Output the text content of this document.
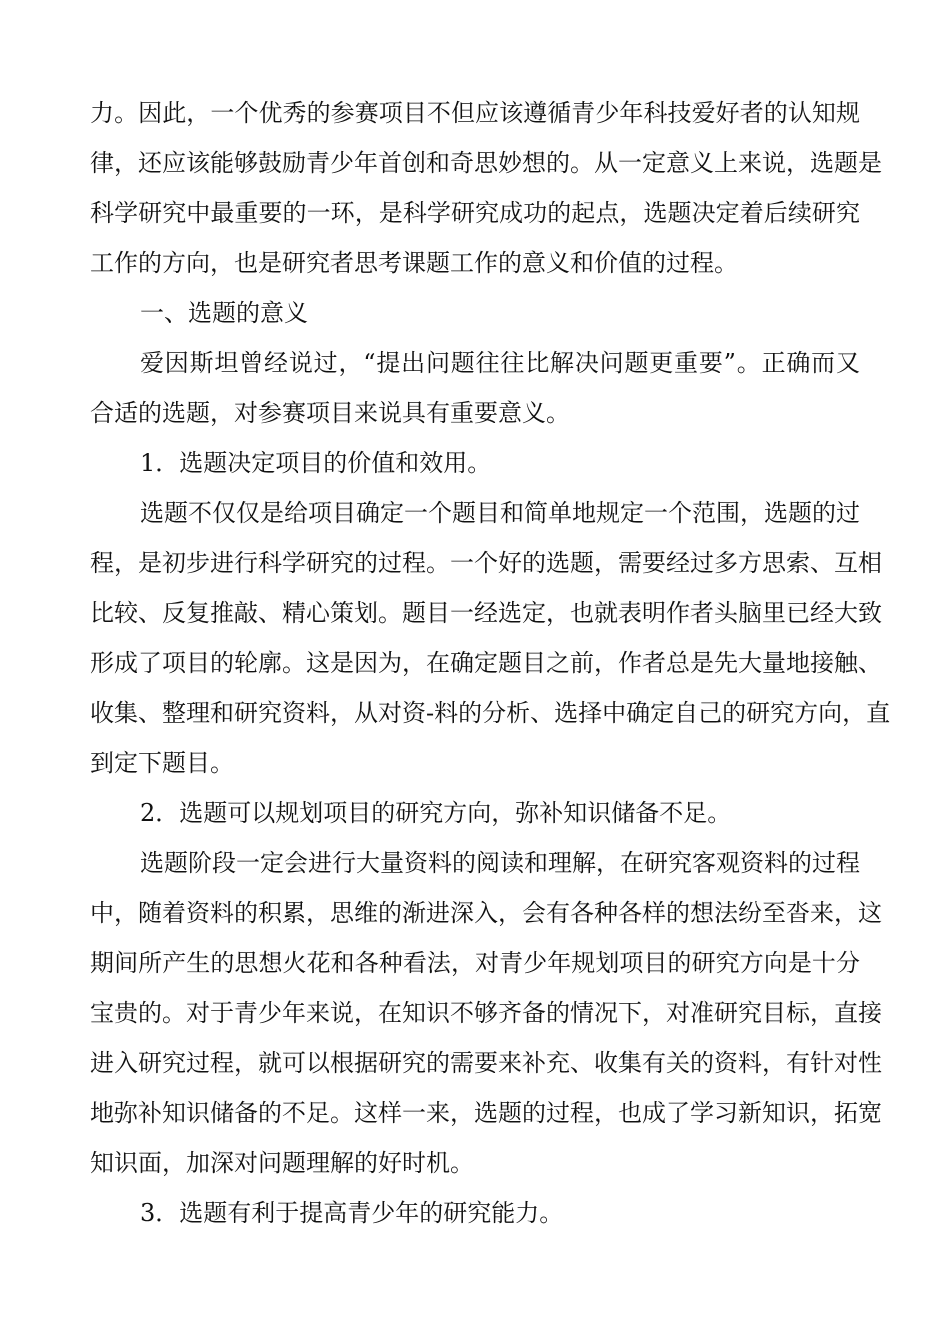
力。因此，一个优秀的参赛项目不但应该遵循青少年科技爱好者的认知规
律，还应该能够鼓励青少年首创和奇思妙想的。从一定意义上来说，选题是
科学研究中最重要的一环，是科学研究成功的起点，选题决定着后续研究
工作的方向，也是研究者思考课题工作的意义和价值的过程。
一、选题的意义
爱因斯坦曾经说过，“提出问题往往比解决问题更重要”。正确而又
合适的选题，对参赛项目来说具有重要意义。
1．选题决定项目的价值和效用。
选题不仅仅是给项目确定一个题目和简单地规定一个范围，选题的过
程，是初步进行科学研究的过程。一个好的选题，需要经过多方思索、互相
比较、反复推敲、精心策划。题目一经选定，也就表明作者头脑里已经大致
形成了项目的轮廓。这是因为，在确定题目之前，作者总是先大量地接触、
收集、整理和研究资料，从对资-料的分析、选择中确定自己的研究方向，直
到定下题目。
2．选题可以规划项目的研究方向，弥补知识储备不足。
选题阶段一定会进行大量资料的阅读和理解，在研究客观资料的过程
中，随着资料的积累，思维的渐进深入，会有各种各样的想法纷至沓来，这
期间所产生的思想火花和各种看法，对青少年规划项目的研究方向是十分
宝贵的。对于青少年来说，在知识不够齐备的情况下，对准研究目标，直接
进入研究过程，就可以根据研究的需要来补充、收集有关的资料，有针对性
地弥补知识储备的不足。这样一来，选题的过程，也成了学习新知识，拓宽
知识面，加深对问题理解的好时机。
3．选题有利于提高青少年的研究能力。
